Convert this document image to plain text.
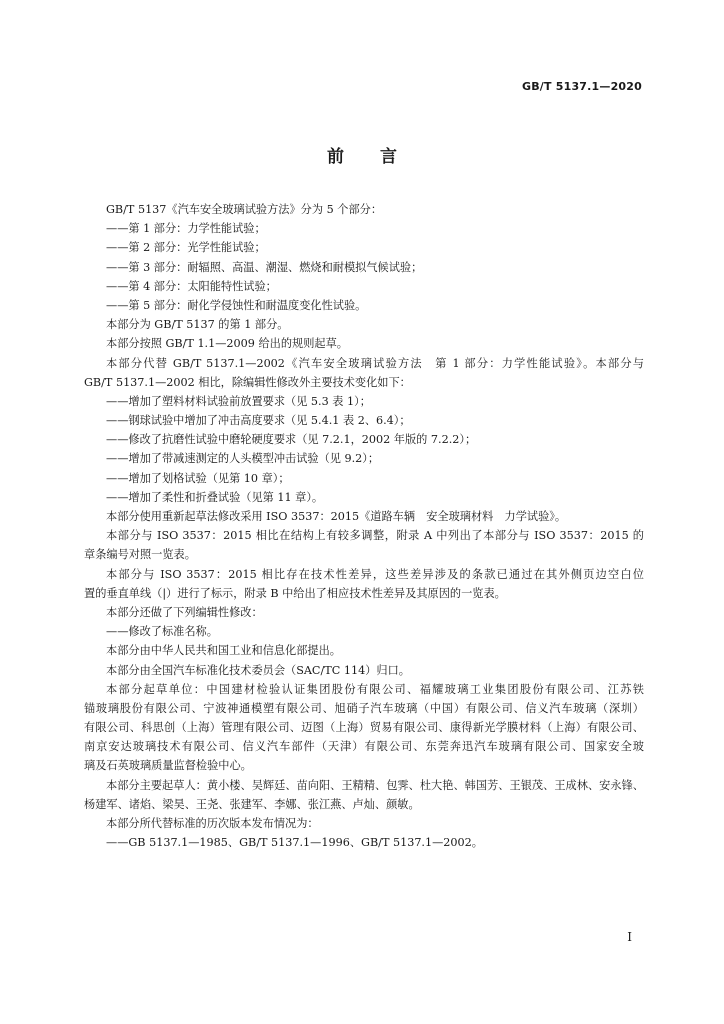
GB/T 5137.1—2020
前言
GB/T 5137《汽车安全玻璃试验方法》分为 5 个部分：
——第 1 部分：力学性能试验；
——第 2 部分：光学性能试验；
——第 3 部分：耐辐照、高温、潮湿、燃烧和耐模拟气候试验；
——第 4 部分：太阳能特性试验；
——第 5 部分：耐化学侵蚀性和耐温度变化性试验。
本部分为 GB/T 5137 的第 1 部分。
本部分按照 GB/T 1.1—2009 给出的规则起草。
本部分代替 GB/T 5137.1—2002《汽车安全玻璃试验方法　第 1 部分：力学性能试验》。本部分与
GB/T 5137.1—2002 相比，除编辑性修改外主要技术变化如下：
——增加了塑料材料试验前放置要求（见 5.3 表 1）；
——钢球试验中增加了冲击高度要求（见 5.4.1 表 2、6.4）；
——修改了抗磨性试验中磨轮硬度要求（见 7.2.1，2002 年版的 7.2.2）；
——增加了带减速测定的人头模型冲击试验（见 9.2）；
——增加了划格试验（见第 10 章）；
——增加了柔性和折叠试验（见第 11 章）。
本部分使用重新起草法修改采用 ISO 3537：2015《道路车辆　安全玻璃材料　力学试验》。
本部分与 ISO 3537：2015 相比在结构上有较多调整，附录 A 中列出了本部分与 ISO 3537：2015 的
章条编号对照一览表。
本部分与 ISO 3537：2015 相比存在技术性差异，这些差异涉及的条款已通过在其外侧页边空白位
置的垂直单线（|）进行了标示，附录 B 中给出了相应技术性差异及其原因的一览表。
本部分还做了下列编辑性修改：
——修改了标准名称。
本部分由中华人民共和国工业和信息化部提出。
本部分由全国汽车标准化技术委员会（SAC/TC 114）归口。
本部分起草单位：中国建材检验认证集团股份有限公司、福耀玻璃工业集团股份有限公司、江苏铁
锚玻璃股份有限公司、宁波神通模塑有限公司、旭硝子汽车玻璃（中国）有限公司、信义汽车玻璃（深圳）
有限公司、科思创（上海）管理有限公司、迈图（上海）贸易有限公司、康得新光学膜材料（上海）有限公司、
南京安达玻璃技术有限公司、信义汽车部件（天津）有限公司、东莞奔迅汽车玻璃有限公司、国家安全玻
璃及石英玻璃质量监督检验中心。
本部分主要起草人：黄小楼、吴辉廷、苗向阳、王精精、包霁、杜大艳、韩国芳、王银茂、王成林、安永锋、
杨建军、诸焰、梁昊、王尧、张建军、李娜、张江燕、卢灿、颜敏。
本部分所代替标准的历次版本发布情况为：
——GB 5137.1—1985、GB/T 5137.1—1996、GB/T 5137.1—2002。
I
